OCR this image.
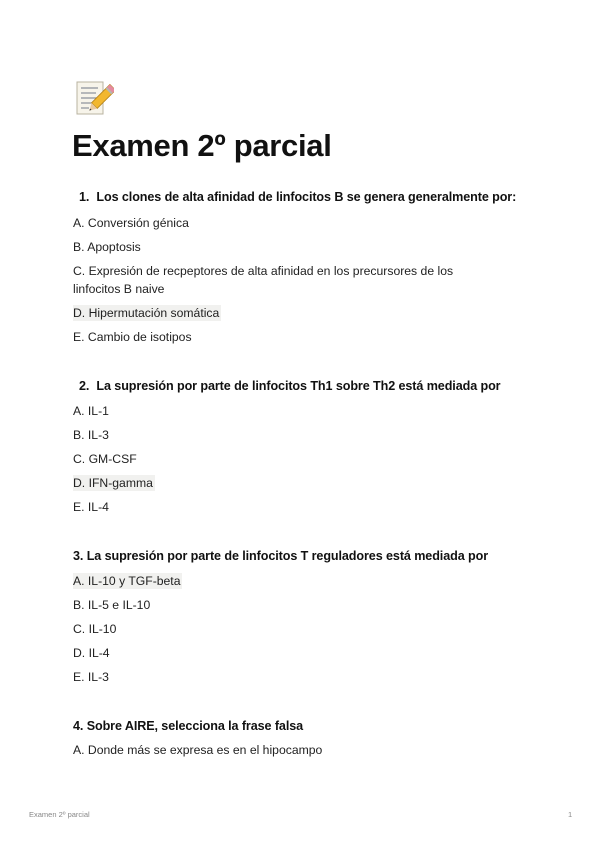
Examen 2º parcial

1. Los clones de alta afinidad de linfocitos B se genera generalmente por:

A. Conversión génica

B. Apoptosis

C. Expresión de recpeptores de alta afinidad en los precursores de los linfocitos B naive

D. Hipermutación somática

E. Cambio de isotipos

2. La supresión por parte de linfocitos Th1 sobre Th2 está mediada por

A. IL-1

B. IL-3

C. GM-CSF

D. IFN-gamma

E. IL-4

3. La supresión por parte de linfocitos T reguladores está mediada por

A. IL-10 y TGF-beta

B. IL-5 e IL-10

C. IL-10

D. IL-4

E. IL-3

4. Sobre AIRE, selecciona la frase falsa

A. Donde más se expresa es en el hipocampo

Examen 2º parcial	1
